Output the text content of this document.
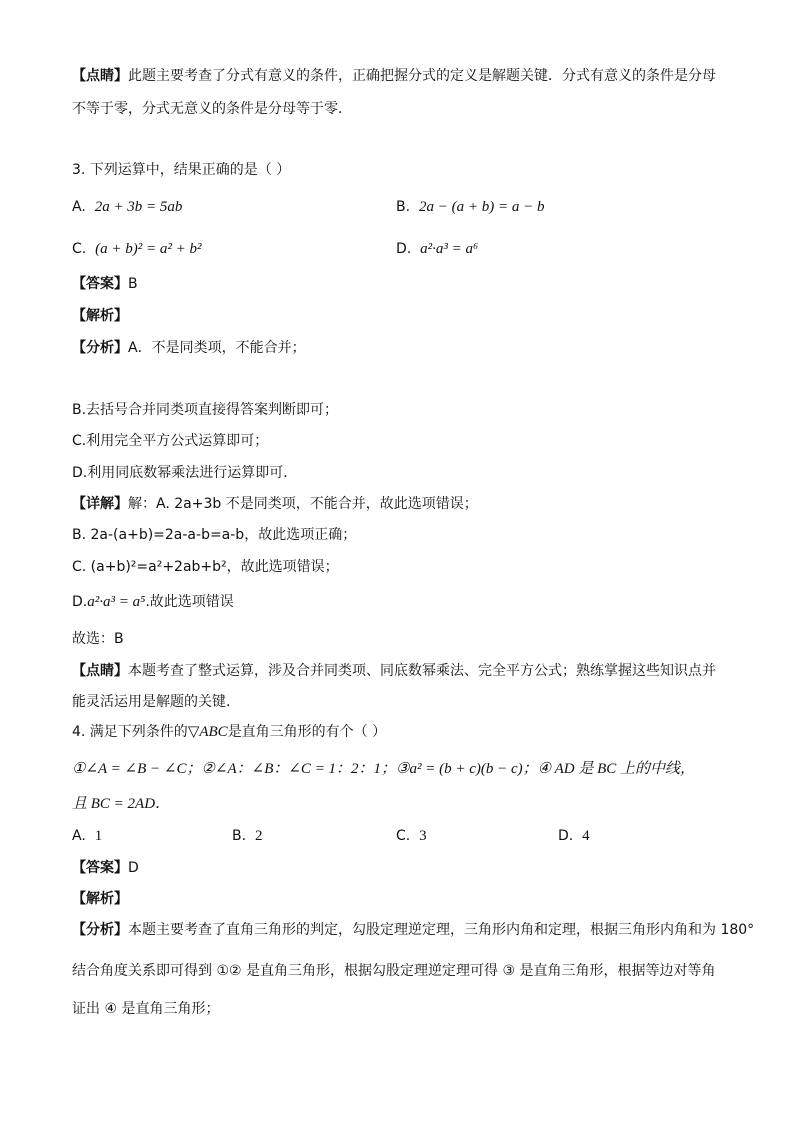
【点睛】此题主要考查了分式有意义的条件，正确把握分式的定义是解题关键．分式有意义的条件是分母
不等于零，分式无意义的条件是分母等于零．
3. 下列运算中，结果正确的是（ ）
A. 2a + 3b = 5ab	B. 2a − (a + b) = a − b
C. (a + b)² = a² + b²	D. a²·a³ = a⁶
【答案】B
【解析】
【分析】A．不是同类项，不能合并；
B.去括号合并同类项直接得答案判断即可；
C.利用完全平方公式运算即可；
D.利用同底数幂乘法进行运算即可．
【详解】解：A. 2a+3b 不是同类项，不能合并，故此选项错误；
B. 2a-(a+b)=2a-a-b=a-b，故此选项正确；
C. (a+b)²=a²+2ab+b²，故此选项错误；
D.a²·a³ = a⁵.故此选项错误
故选：B
【点睛】本题考查了整式运算，涉及合并同类项、同底数幂乘法、完全平方公式；熟练掌握这些知识点并
能灵活运用是解题的关键．
4. 满足下列条件的▽ABC是直角三角形的有个（ ）
①∠A = ∠B − ∠C；②∠A：∠B：∠C = 1：2：1；③a² = (b + c)(b − c)；④ AD 是 BC 上的中线，
且 BC = 2AD．
A. 1	B. 2	C. 3	D. 4
【答案】D
【解析】
【分析】本题主要考查了直角三角形的判定，勾股定理逆定理，三角形内角和定理，根据三角形内角和为 180°
结合角度关系即可得到 ①② 是直角三角形，根据勾股定理逆定理可得 ③ 是直角三角形，根据等边对等角
证出 ④ 是直角三角形；
